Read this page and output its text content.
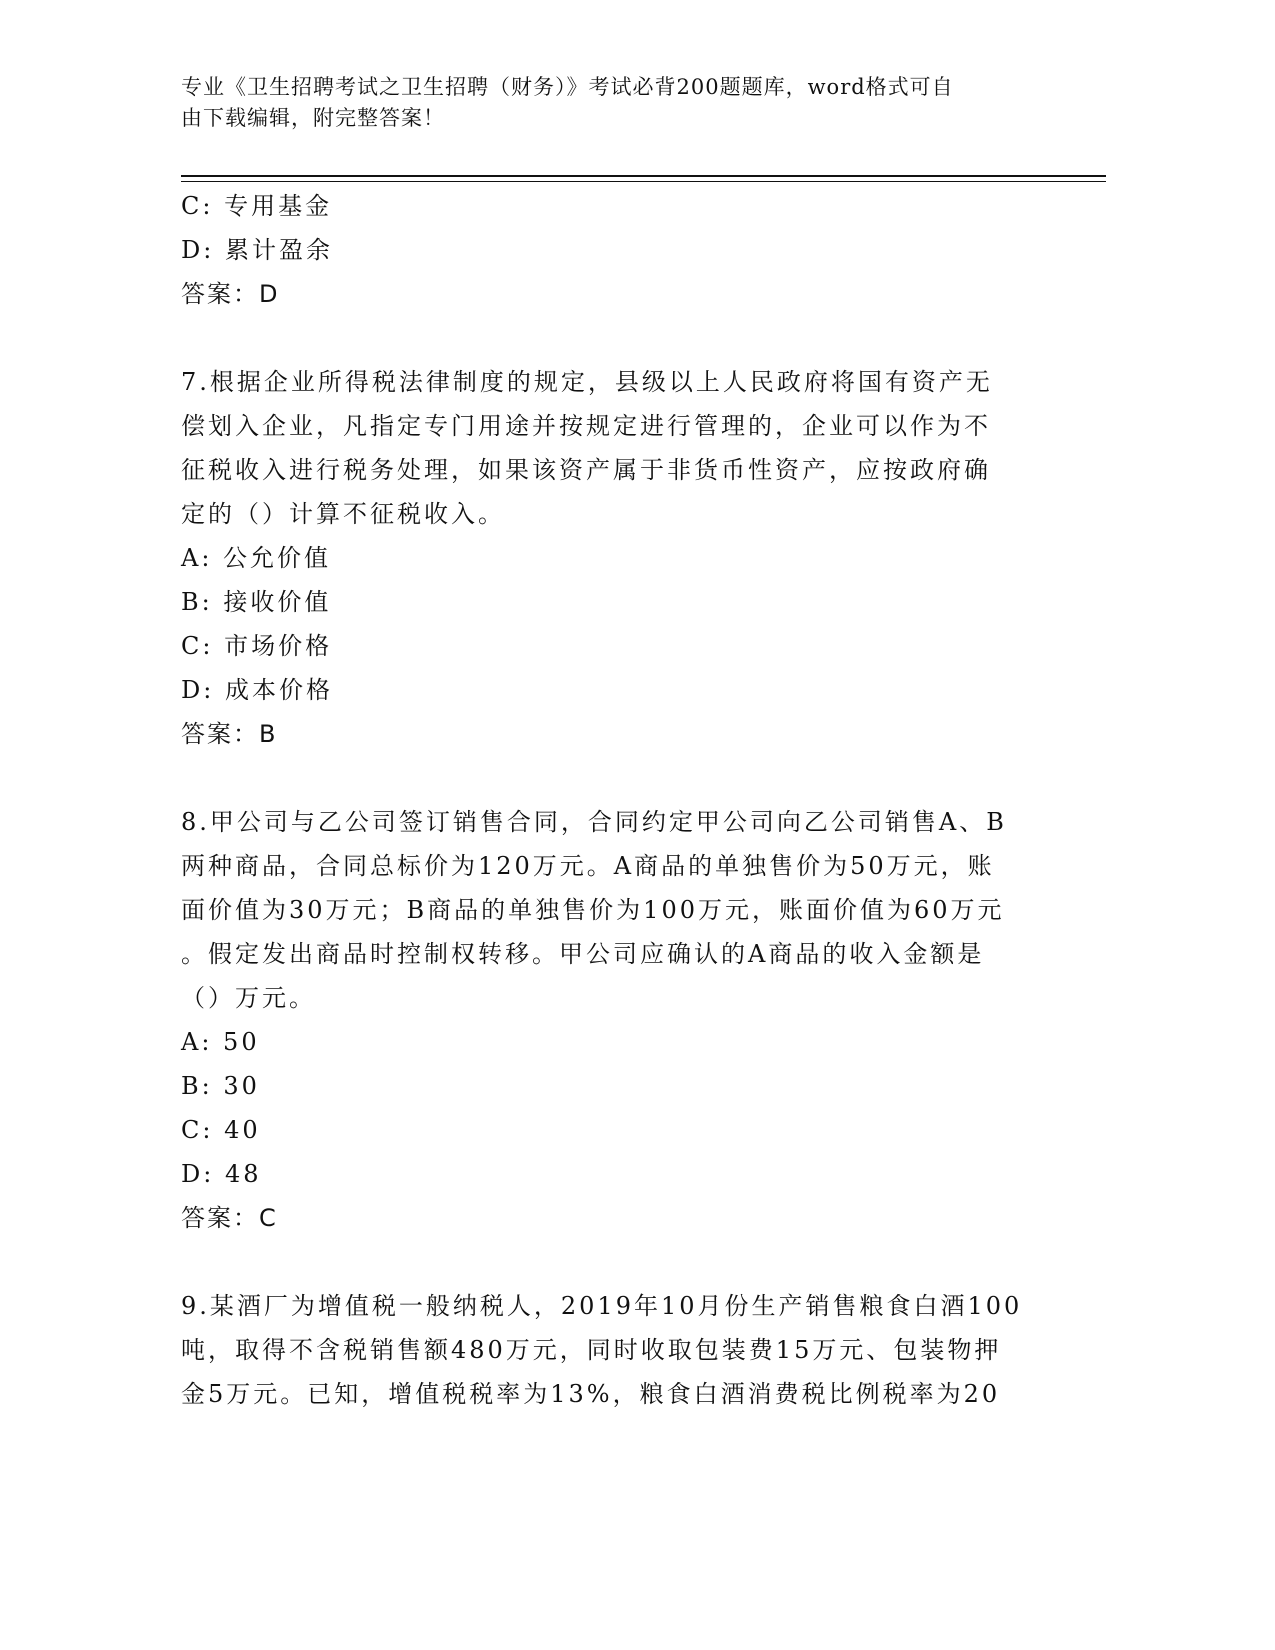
专业《卫生招聘考试之卫生招聘（财务）》考试必背200题题库，word格式可自
由下载编辑，附完整答案！
C: 专用基金
D: 累计盈余
答案：D
7.根据企业所得税法律制度的规定，县级以上人民政府将国有资产无
偿划入企业，凡指定专门用途并按规定进行管理的，企业可以作为不
征税收入进行税务处理，如果该资产属于非货币性资产，应按政府确
定的（）计算不征税收入。
A: 公允价值
B: 接收价值
C: 市场价格
D: 成本价格
答案：B
8.甲公司与乙公司签订销售合同，合同约定甲公司向乙公司销售A、B
两种商品，合同总标价为120万元。A商品的单独售价为50万元，账
面价值为30万元；B商品的单独售价为100万元，账面价值为60万元
。假定发出商品时控制权转移。甲公司应确认的A商品的收入金额是
（）万元。
A: 50
B: 30
C: 40
D: 48
答案：C
9.某酒厂为增值税一般纳税人，2019年10月份生产销售粮食白酒100
吨，取得不含税销售额480万元，同时收取包装费15万元、包装物押
金5万元。已知，增值税税率为13%，粮食白酒消费税比例税率为20
